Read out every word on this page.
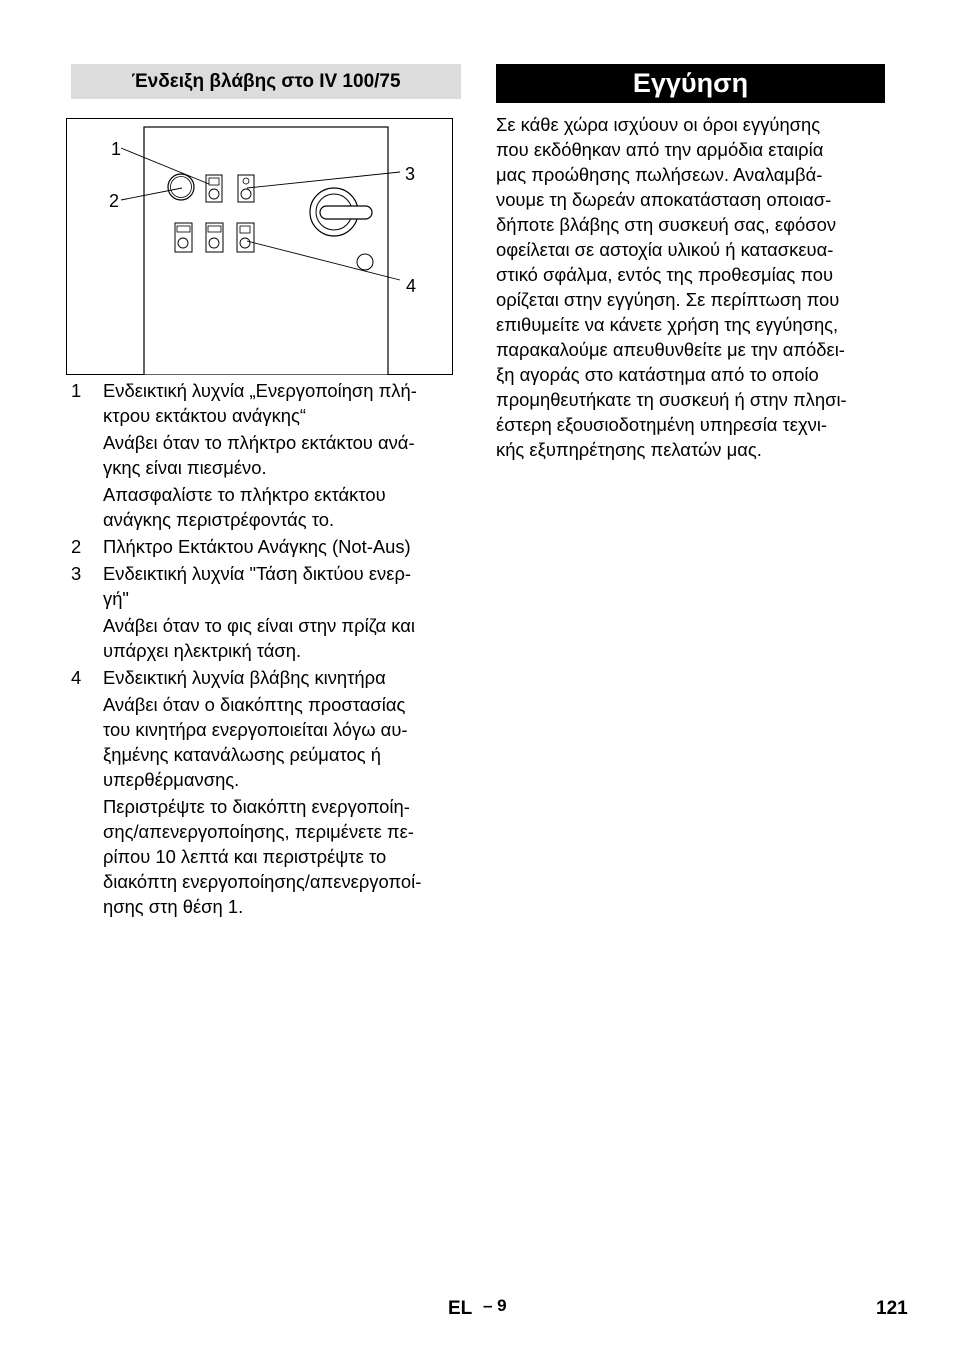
Ένδειξη βλάβης στο IV 100/75	Εγγύηση
1
2
3
4
1 Ενδεικτική λυχνία „Ενεργοποίηση πλή-
κτρου εκτάκτου ανάγκης“

Ανάβει όταν το πλήκτρο εκτάκτου ανά-
γκης είναι πιεσμένο.

Απασφαλίστε το πλήκτρο εκτάκτου
ανάγκης περιστρέφοντάς το.

2 Πλήκτρο Εκτάκτου Ανάγκης (Not-Aus)

3 Ενδεικτική λυχνία "Τάση δικτύου ενερ-
γή"

Ανάβει όταν το φις είναι στην πρίζα και
υπάρχει ηλεκτρική τάση.

4 Ενδεικτική λυχνία βλάβης κινητήρα

Ανάβει όταν ο διακόπτης προστασίας
του κινητήρα ενεργοποιείται λόγω αυ-
ξημένης κατανάλωσης ρεύματος ή
υπερθέρμανσης.

Περιστρέψτε το διακόπτη ενεργοποίη-
σης/απενεργοποίησης, περιμένετε πε-
ρίπου 10 λεπτά και περιστρέψτε το
διακόπτη ενεργοποίησης/απενεργοποί-
ησης στη θέση 1.

Σε κάθε χώρα ισχύουν οι όροι εγγύησης
που εκδόθηκαν από την αρμόδια εταιρία
μας προώθησης πωλήσεων. Αναλαμβά-
νουμε τη δωρεάν αποκατάσταση οποιασ-
δήποτε βλάβης στη συσκευή σας, εφόσον
οφείλεται σε αστοχία υλικού ή κατασκευα-
στικό σφάλμα, εντός της προθεσμίας που
ορίζεται στην εγγύηση. Σε περίπτωση που
επιθυμείτε να κάνετε χρήση της εγγύησης,
παρακαλούμε απευθυνθείτε με την απόδει-
ξη αγοράς στο κατάστημα από το οποίο
προμηθευτήκατε τη συσκευή ή στην πλησι-
έστερη εξουσιοδοτημένη υπηρεσία τεχνι-
κής εξυπηρέτησης πελατών μας.

EL – 9	121
